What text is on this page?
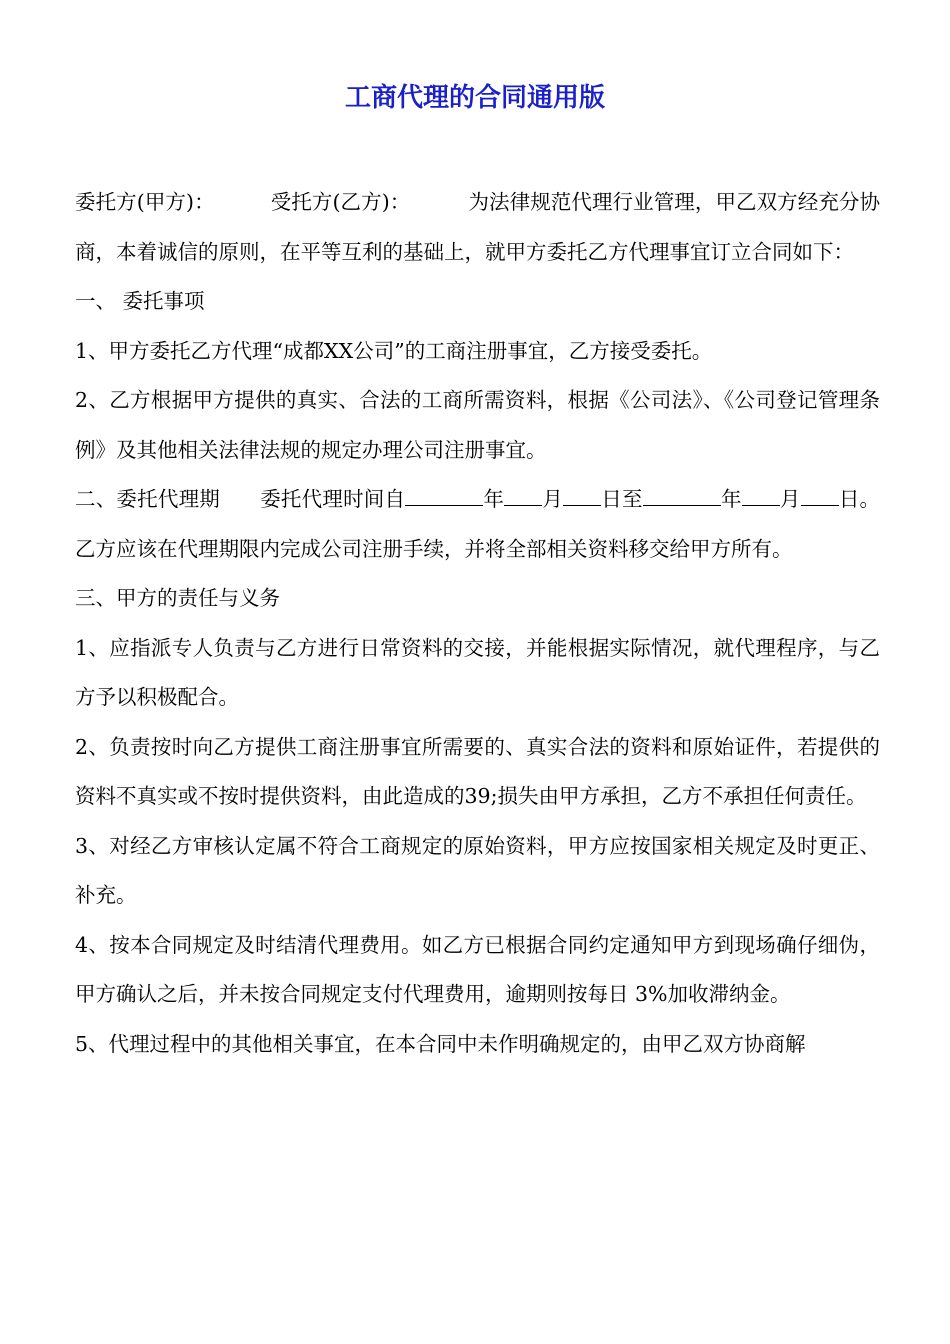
工商代理的合同通用版

委托方(甲方)：	受托方(乙方)：	为法律规范代理行业管理，甲乙双方经充分协商，本着诚信的原则，在平等互利的基础上，就甲方委托乙方代理事宜订立合同如下：

一、 委托事项

1、甲方委托乙方代理“成都XX公司”的工商注册事宜，乙方接受委托。

2、乙方根据甲方提供的真实、合法的工商所需资料，根据《公司法》、《公司登记管理条例》及其他相关法律法规的规定办理公司注册事宜。

二、委托代理期 委托代理时间自	年 月 日至	年 月 日。乙方应该在代理期限内完成公司注册手续，并将全部相关资料移交给甲方所有。

三、甲方的责任与义务

1、应指派专人负责与乙方进行日常资料的交接，并能根据实际情况，就代理程序，与乙方予以积极配合。

2、负责按时向乙方提供工商注册事宜所需要的、真实合法的资料和原始证件，若提供的资料不真实或不按时提供资料，由此造成的39;损失由甲方承担，乙方不承担任何责任。

3、对经乙方审核认定属不符合工商规定的原始资料，甲方应按国家相关规定及时更正、补充。

4、按本合同规定及时结清代理费用。如乙方已根据合同约定通知甲方到现场确仔细伪，甲方确认之后，并未按合同规定支付代理费用，逾期则按每日 3%加收滞纳金。

5、代理过程中的其他相关事宜，在本合同中未作明确规定的，由甲乙双方协商解
